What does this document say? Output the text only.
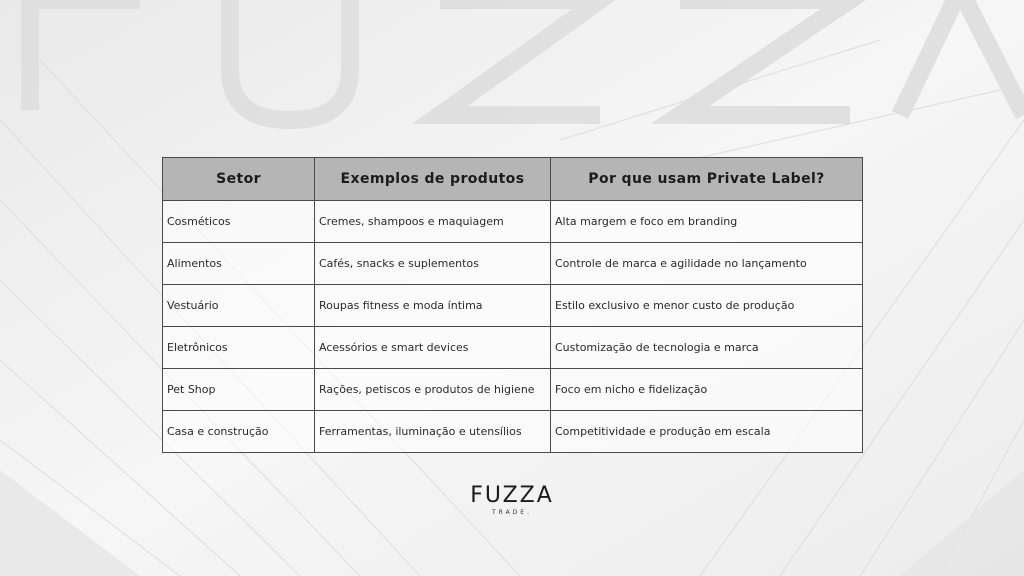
Setor	Exemplos de produtos	Por que usam Private Label?
Cosméticos	Cremes, shampoos e maquiagem	Alta margem e foco em branding
Alimentos	Cafés, snacks e suplementos	Controle de marca e agilidade no lançamento
Vestuário	Roupas fitness e moda íntima	Estilo exclusivo e menor custo de produção
Eletrônicos	Acessórios e smart devices	Customização de tecnologia e marca
Pet Shop	Rações, petiscos e produtos de higiene	Foco em nicho e fidelização
Casa e construção	Ferramentas, iluminação e utensílios	Competitividade e produção em escala
FUZZA
TRADE.
